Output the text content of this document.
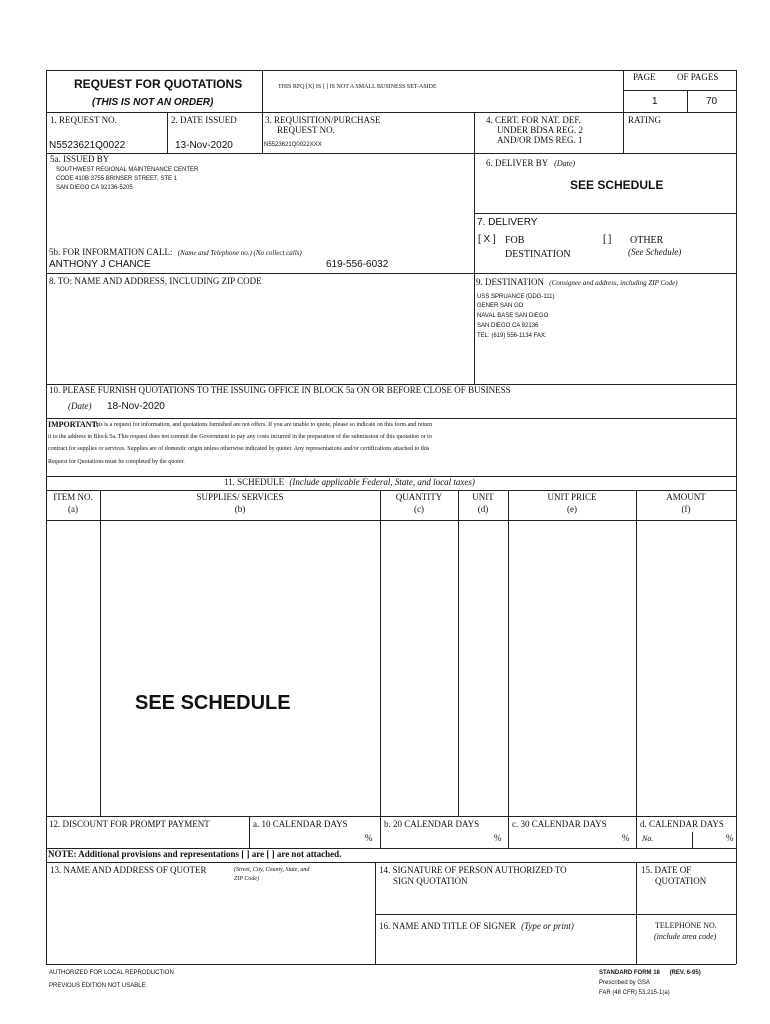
REQUEST FOR QUOTATIONS
(THIS IS NOT AN ORDER)
THIS RFQ [X] IS [ ] IS NOT A SMALL BUSINESS SET-ASIDE
PAGE OF PAGES
1	70
1. REQUEST NO.
N5523621Q0022
2. DATE ISSUED
13-Nov-2020
3. REQUISITION/PURCHASE
REQUEST NO.
N5523621Q0022XXX
4. CERT. FOR NAT. DEF.
UNDER BDSA REG. 2
AND/OR DMS REG. 1
RATING
5a. ISSUED BY
SOUTHWEST REGIONAL MAINTENANCE CENTER
CODE 410B 3755 BRINSER STREET, STE 1
SAN DIEGO CA 92136-5205
6. DELIVER BY (Date)
SEE SCHEDULE
7. DELIVERY
[ X ] FOB
DESTINATION
[ ] OTHER
(See Schedule)
5b. FOR INFORMATION CALL: (Name and Telephone no.) (No collect calls)
ANTHONY J CHANCE	619-556-6032
8. TO: NAME AND ADDRESS, INCLUDING ZIP CODE	9. DESTINATION (Consignee and address, including ZIP Code)
USS SPRUANCE (DDG-111)
GENER SAN GO
NAVAL BASE SAN DIEGO
SAN DIEGO CA 92136
TEL: (619) 556-1134 FAX:
10. PLEASE FURNISH QUOTATIONS TO THE ISSUING OFFICE IN BLOCK 5a ON OR BEFORE CLOSE OF BUSINESS
(Date) 18-Nov-2020
IMPORTANT:
This is a request for information, and quotations furnished are not offers. If you are unable to quote, please so indicate on this form and return
it to the address in Block 5a. This request does not commit the Government to pay any costs incurred in the preparation of the submission of this quotation or to
contract for supplies or services. Supplies are of domestic origin unless otherwise indicated by quoter. Any representations and/or certifications attached to this
Request for Quotations must be completed by the quoter.
11. SCHEDULE (Include applicable Federal, State, and local taxes)
ITEM NO.
(a)
SUPPLIES/ SERVICES
(b)
QUANTITY
(c)
UNIT
(d)
UNIT PRICE
(e)
AMOUNT
(f)
SEE SCHEDULE
12. DISCOUNT FOR PROMPT PAYMENT	a. 10 CALENDAR DAYS
%
b. 20 CALENDAR DAYS
%
c. 30 CALENDAR DAYS
%
d. CALENDAR DAYS
No.	%
NOTE: Additional provisions and representations [ ] are [ ] are not attached.
13. NAME AND ADDRESS OF QUOTER	(Street, City, County, State, and
ZIP Code)
14. SIGNATURE OF PERSON AUTHORIZED TO
SIGN QUOTATION
15. DATE OF
QUOTATION
16. NAME AND TITLE OF SIGNER (Type or print)	TELEPHONE NO.
(include area code)
AUTHORIZED FOR LOCAL REPRODUCTION
PREVIOUS EDITION NOT USABLE
STANDARD FORM 18 (REV. 6-95)
Prescribed by GSA
FAR (48 CFR) 53.215-1(a)
